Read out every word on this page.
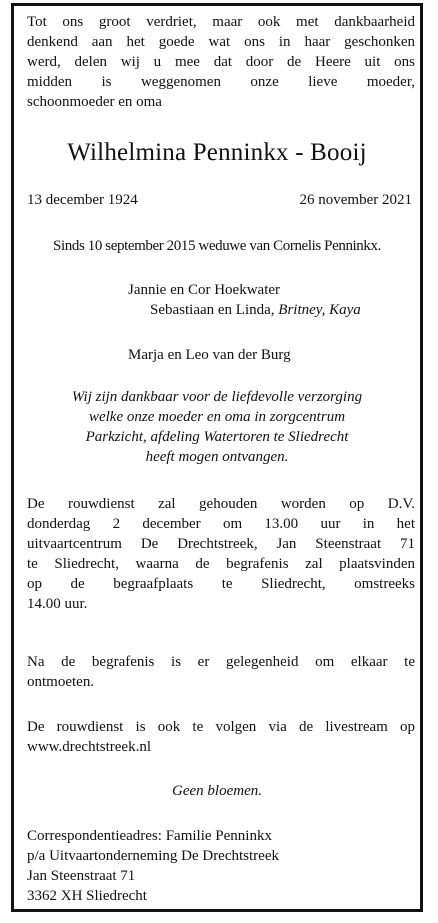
Tot ons groot verdriet, maar ook met dankbaarheid
denkend aan het goede wat ons in haar geschonken
werd, delen wij u mee dat door de Heere uit ons
midden is weggenomen onze lieve moeder,
schoonmoeder en oma
Wilhelmina Penninkx - Booij
13 december 1924	26 november 2021
Sinds 10 september 2015 weduwe van Cornelis Penninkx.
Jannie en Cor Hoekwater
Sebastiaan en Linda, Britney, Kaya
Marja en Leo van der Burg
Wij zijn dankbaar voor de liefdevolle verzorging
welke onze moeder en oma in zorgcentrum
Parkzicht, afdeling Watertoren te Sliedrecht
heeft mogen ontvangen.
De rouwdienst zal gehouden worden op D.V.
donderdag 2 december om 13.00 uur in het
uitvaartcentrum De Drechtstreek, Jan Steenstraat 71
te Sliedrecht, waarna de begrafenis zal plaatsvinden
op de begraafplaats te Sliedrecht, omstreeks
14.00 uur.
Na de begrafenis is er gelegenheid om elkaar te
ontmoeten.
De rouwdienst is ook te volgen via de livestream op
www.drechtstreek.nl
Geen bloemen.
Correspondentieadres: Familie Penninkx
p/a Uitvaartonderneming De Drechtstreek
Jan Steenstraat 71
3362 XH Sliedrecht
